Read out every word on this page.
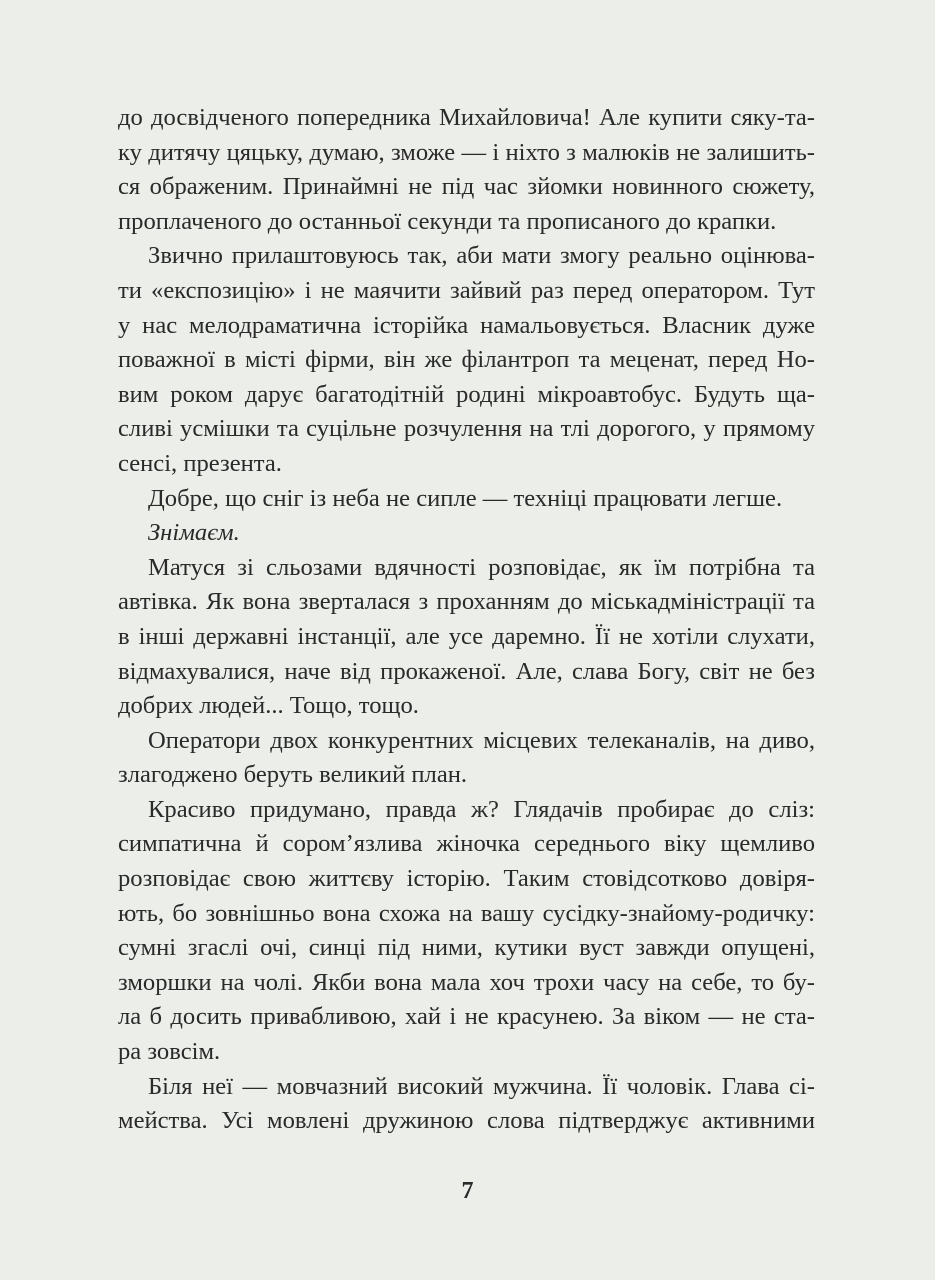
до досвідченого попередника Михайловича! Але купити сяку-та-
ку дитячу цяцьку, думаю, зможе — і ніхто з малюків не залишить-
ся ображеним. Принаймні не під час зйомки новинного сюжету,
проплаченого до останньої секунди та прописаного до крапки.
Звично прилаштовуюсь так, аби мати змогу реально оцінюва-
ти «експозицію» і не маячити зайвий раз перед оператором. Тут
у нас мелодраматична історійка намальовується. Власник дуже
поважної в місті фірми, він же філантроп та меценат, перед Но-
вим роком дарує багатодітній родині мікроавтобус. Будуть ща-
сливі усмішки та суцільне розчулення на тлі дорогого, у прямому
сенсі, презента.
Добре, що сніг із неба не сипле — техніці працювати легше.
Знімаєм.
Матуся зі сльозами вдячності розповідає, як їм потрібна та
автівка. Як вона зверталася з проханням до міськадміністрації та
в інші державні інстанції, але усе даремно. Її не хотіли слухати,
відмахувалися, наче від прокаженої. Але, слава Богу, світ не без
добрих людей... Тощо, тощо.
Оператори двох конкурентних місцевих телеканалів, на диво,
злагоджено беруть великий план.
Красиво придумано, правда ж? Глядачів пробирає до сліз:
симпатична й сором’язлива жіночка середнього віку щемливо
розповідає свою життєву історію. Таким стовідсотково довіря-
ють, бо зовнішньо вона схожа на вашу сусідку-знайому-родичку:
сумні згаслі очі, синці під ними, кутики вуст завжди опущені,
зморшки на чолі. Якби вона мала хоч трохи часу на себе, то бу-
ла б досить привабливою, хай і не красунею. За віком — не ста-
ра зовсім.
Біля неї — мовчазний високий мужчина. Її чоловік. Глава сі-
мейства. Усі мовлені дружиною слова підтверджує активними
7
